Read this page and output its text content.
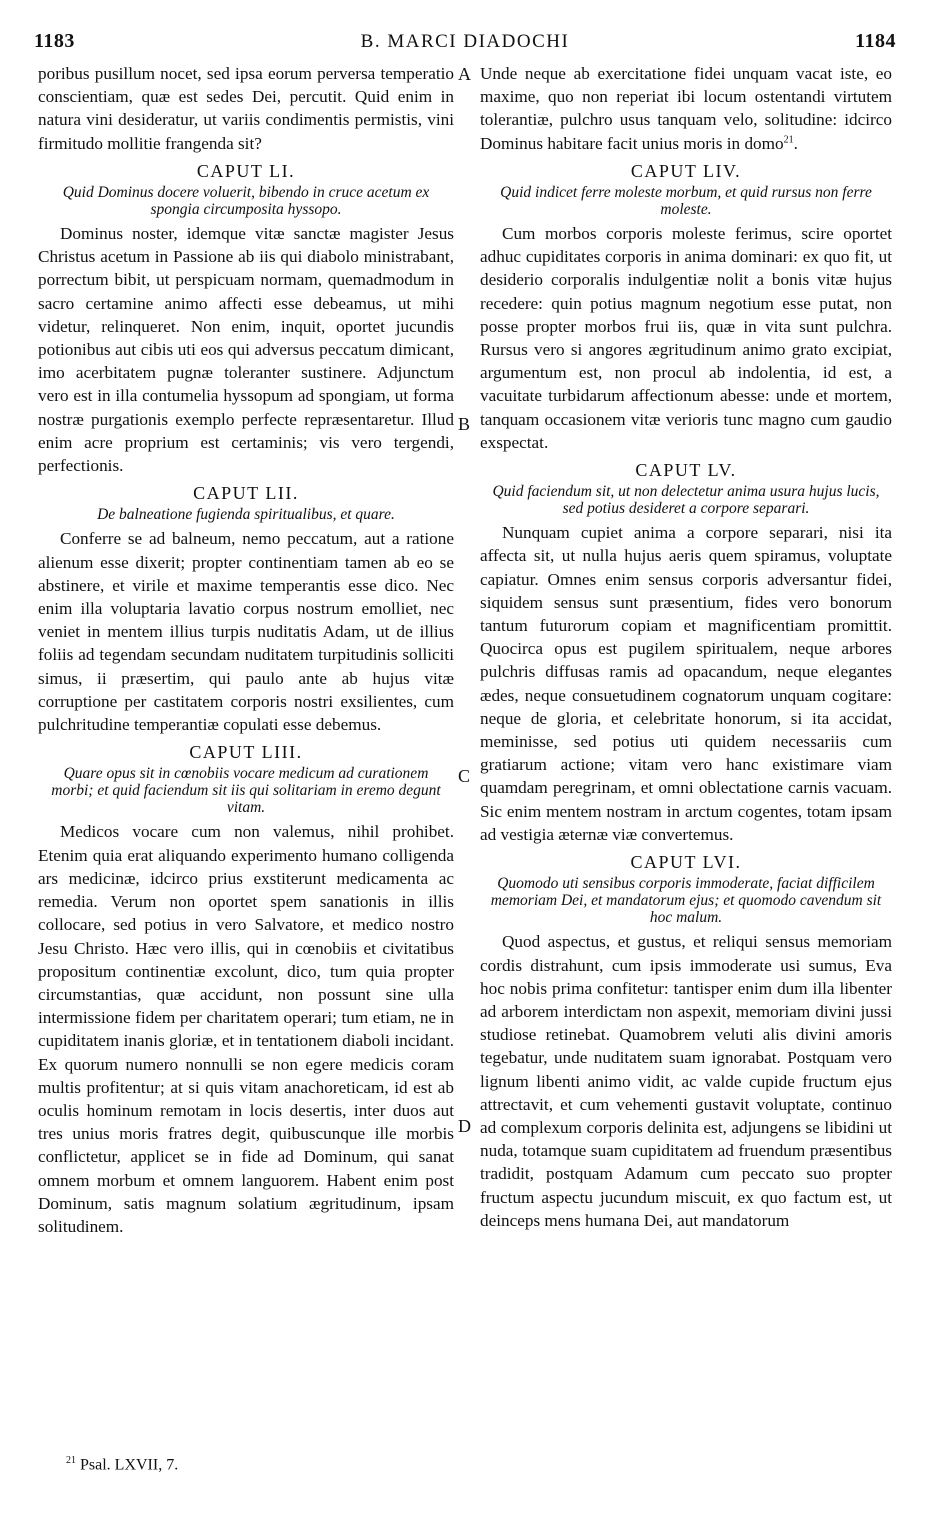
1183	B. MARCI DIADOCHI	1184

poribus pusillum nocet, sed ipsa eorum perversa temperatio conscientiam, quæ est sedes Dei, percutit. Quid enim in natura vini desideratur, ut variis condimentis permistis, vini firmitudo mollitie frangenda sit?

CAPUT LI.
Quid Dominus docere voluerit, bibendo in cruce acetum ex spongia circumposita hyssopo.

Dominus noster, idemque vitæ sanctæ magister Jesus Christus acetum in Passione ab iis qui diabolo ministrabant, porrectum bibit, ut perspicuam normam, quemadmodum in sacro certamine animo affecti esse debeamus, ut mihi videtur, relinqueret. Non enim, inquit, oportet jucundis potionibus aut cibis uti eos qui adversus peccatum dimicant, imo acerbitatem pugnæ toleranter sustinere. Adjunctum vero est in illa contumelia hyssopum ad spongiam, ut forma nostræ purgationis exemplo perfecte repræsentaretur. Illud enim acre proprium est certaminis; vis vero tergendi, perfectionis.

CAPUT LII.
De balneatione fugienda spiritualibus, et quare.

Conferre se ad balneum, nemo peccatum, aut a ratione alienum esse dixerit; propter continentiam tamen ab eo se abstinere, et virile et maxime temperantis esse dico. Nec enim illa voluptaria lavatio corpus nostrum emolliet, nec veniet in mentem illius turpis nuditatis Adam, ut de illius foliis ad tegendam secundam nuditatem turpitudinis solliciti simus, ii præsertim, qui paulo ante ab hujus vitæ corruptione per castitatem corporis nostri exsilientes, cum pulchritudine temperantiæ copulati esse debemus.

CAPUT LIII.
Quare opus sit in cœnobiis vocare medicum ad curationem morbi; et quid faciendum sit iis qui solitariam in eremo degunt vitam.

Medicos vocare cum non valemus, nihil prohibet. Etenim quia erat aliquando experimento humano colligenda ars medicinæ, idcirco prius exstiterunt medicamenta ac remedia. Verum non oportet spem sanationis in illis collocare, sed potius in vero Salvatore, et medico nostro Jesu Christo. Hæc vero illis, qui in cœnobiis et civitatibus propositum continentiæ excolunt, dico, tum quia propter circumstantias, quæ accidunt, non possunt sine ulla intermissione fidem per charitatem operari; tum etiam, ne in cupiditatem inanis gloriæ, et in tentationem diaboli incidant. Ex quorum numero nonnulli se non egere medicis coram multis profitentur; at si quis vitam anachoreticam, id est ab oculis hominum remotam in locis desertis, inter duos aut tres unius moris fratres degit, quibuscunque ille morbis conflictetur, applicet se in fide ad Dominum, qui sanat omnem morbum et omnem languorem. Habent enim post Dominum, satis magnum solatium ægritudinum, ipsam solitudinem.

A
B
C
D

Unde neque ab exercitatione fidei unquam vacat iste, eo maxime, quo non reperiat ibi locum ostentandi virtutem tolerantiæ, pulchro usus tanquam velo, solitudine: idcirco Dominus habitare facit unius moris in domo$^{21}$.

CAPUT LIV.
Quid indicet ferre moleste morbum, et quid rursus non ferre moleste.

Cum morbos corporis moleste ferimus, scire oportet adhuc cupiditates corporis in anima dominari: ex quo fit, ut desiderio corporalis indulgentiæ nolit a bonis vitæ hujus recedere: quin potius magnum negotium esse putat, non posse propter morbos frui iis, quæ in vita sunt pulchra. Rursus vero si angores ægritudinum animo grato excipiat, argumentum est, non procul ab indolentia, id est, a vacuitate turbidarum affectionum abesse: unde et mortem, tanquam occasionem vitæ verioris tunc magno cum gaudio exspectat.

CAPUT LV.
Quid faciendum sit, ut non delectetur anima usura hujus lucis, sed potius desideret a corpore separari.

Nunquam cupiet anima a corpore separari, nisi ita affecta sit, ut nulla hujus aeris quem spiramus, voluptate capiatur. Omnes enim sensus corporis adversantur fidei, siquidem sensus sunt præsentium, fides vero bonorum tantum futurorum copiam et magnificentiam promittit. Quocirca opus est pugilem spiritualem, neque arbores pulchris diffusas ramis ad opacandum, neque elegantes ædes, neque consuetudinem cognatorum unquam cogitare: neque de gloria, et celebritate honorum, si ita accidat, meminisse, sed potius uti quidem necessariis cum gratiarum actione; vitam vero hanc existimare viam quamdam peregrinam, et omni oblectatione carnis vacuam. Sic enim mentem nostram in arctum cogentes, totam ipsam ad vestigia æternæ viæ convertemus.

CAPUT LVI.
Quomodo uti sensibus corporis immoderate, faciat difficilem memoriam Dei, et mandatorum ejus; et quomodo cavendum sit hoc malum.

Quod aspectus, et gustus, et reliqui sensus memoriam cordis distrahunt, cum ipsis immoderate usi sumus, Eva hoc nobis prima confitetur: tantisper enim dum illa libenter ad arborem interdictam non aspexit, memoriam divini jussi studiose retinebat. Quamobrem veluti alis divini amoris tegebatur, unde nuditatem suam ignorabat. Postquam vero lignum libenti animo vidit, ac valde cupide fructum ejus attrectavit, et cum vehementi gustavit voluptate, continuo ad complexum corporis delinita est, adjungens se libidini ut nuda, totamque suam cupiditatem ad fruendum præsentibus tradidit, postquam Adamum cum peccato suo propter fructum aspectu jucundum miscuit, ex quo factum est, ut deinceps mens humana Dei, aut mandatorum

$^{21}$ Psal. LXVII, 7.
